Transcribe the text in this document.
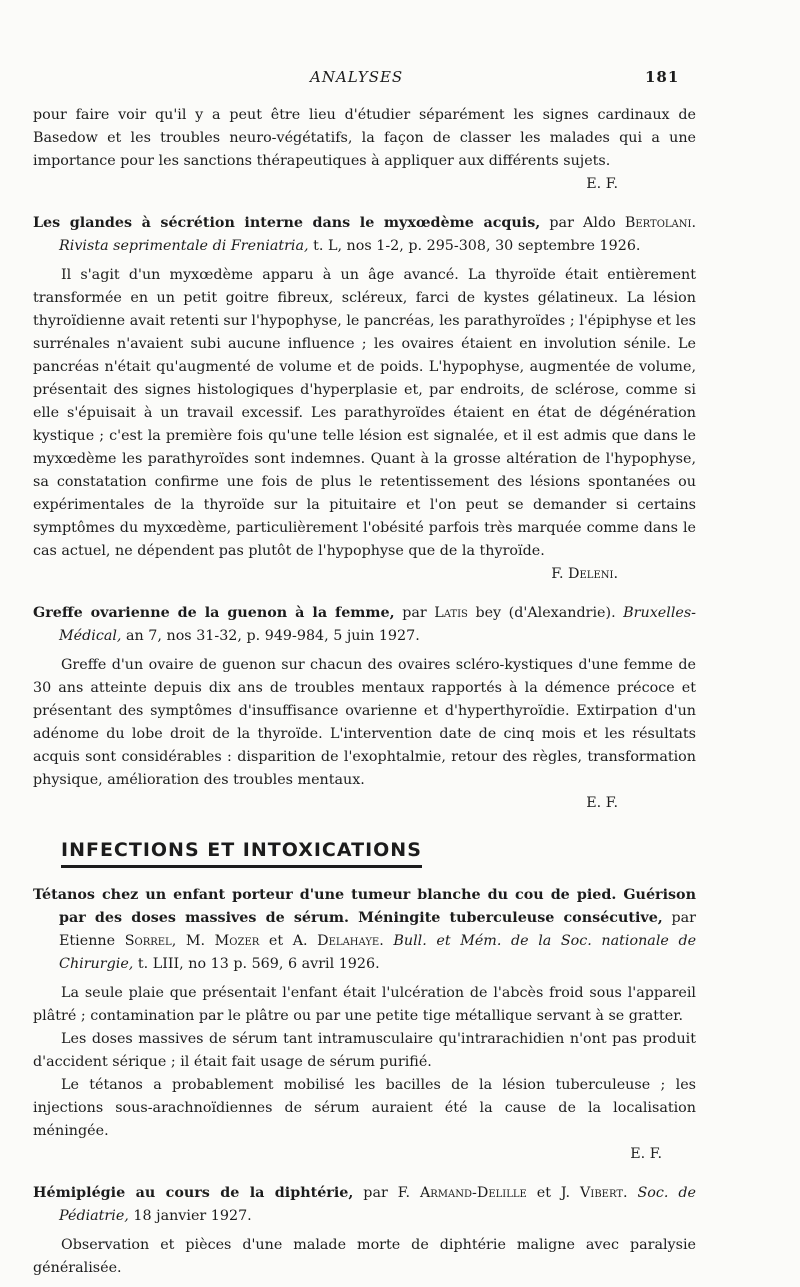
ANALYSES	181

pour faire voir qu'il y a peut être lieu d'étudier séparément les signes cardinaux de Basedow et les troubles neuro-végétatifs, la façon de classer les malades qui a une importance pour les sanctions thérapeutiques à appliquer aux différents sujets.

E. F.

Les glandes à sécrétion interne dans le myxœdème acquis, par Aldo Bertolani. Rivista seprimentale di Freniatria, t. L, nos 1-2, p. 295-308, 30 septembre 1926.

Il s'agit d'un myxœdème apparu à un âge avancé. La thyroïde était entièrement transformée en un petit goitre fibreux, scléreux, farci de kystes gélatineux. La lésion thyroïdienne avait retenti sur l'hypophyse, le pancréas, les parathyroïdes ; l'épiphyse et les surrénales n'avaient subi aucune influence ; les ovaires étaient en involution sénile. Le pancréas n'était qu'augmenté de volume et de poids. L'hypophyse, augmentée de volume, présentait des signes histologiques d'hyperplasie et, par endroits, de sclérose, comme si elle s'épuisait à un travail excessif. Les parathyroïdes étaient en état de dégénération kystique ; c'est la première fois qu'une telle lésion est signalée, et il est admis que dans le myxœdème les parathyroïdes sont indemnes. Quant à la grosse altération de l'hypophyse, sa constatation confirme une fois de plus le retentissement des lésions spontanées ou expérimentales de la thyroïde sur la pituitaire et l'on peut se demander si certains symptômes du myxœdème, particulièrement l'obésité parfois très marquée comme dans le cas actuel, ne dépendent pas plutôt de l'hypophyse que de la thyroïde.

F. Deleni.

Greffe ovarienne de la guenon à la femme, par Latis bey (d'Alexandrie). Bruxelles-Médical, an 7, nos 31-32, p. 949-984, 5 juin 1927.

Greffe d'un ovaire de guenon sur chacun des ovaires scléro-kystiques d'une femme de 30 ans atteinte depuis dix ans de troubles mentaux rapportés à la démence précoce et présentant des symptômes d'insuffisance ovarienne et d'hyperthyroïdie. Extirpation d'un adénome du lobe droit de la thyroïde. L'intervention date de cinq mois et les résultats acquis sont considérables : disparition de l'exophtalmie, retour des règles, transformation physique, amélioration des troubles mentaux.

E. F.

INFECTIONS ET INTOXICATIONS
Tétanos chez un enfant porteur d'une tumeur blanche du cou de pied. Guérison par des doses massives de sérum. Méningite tuberculeuse consécutive, par Etienne Sorrel, M. Mozer et A. Delahaye. Bull. et Mém. de la Soc. nationale de Chirurgie, t. LIII, no 13 p. 569, 6 avril 1926.

La seule plaie que présentait l'enfant était l'ulcération de l'abcès froid sous l'appareil plâtré ; contamination par le plâtre ou par une petite tige métallique servant à se gratter.

Les doses massives de sérum tant intramusculaire qu'intrarachidien n'ont pas produit d'accident sérique ; il était fait usage de sérum purifié.

Le tétanos a probablement mobilisé les bacilles de la lésion tuberculeuse ; les injections sous-arachnoïdiennes de sérum auraient été la cause de la localisation méningée.

E. F.

Hémiplégie au cours de la diphtérie, par F. Armand-Delille et J. Vibert. Soc. de Pédiatrie, 18 janvier 1927.

Observation et pièces d'une malade morte de diphtérie maligne avec paralysie généralisée.
